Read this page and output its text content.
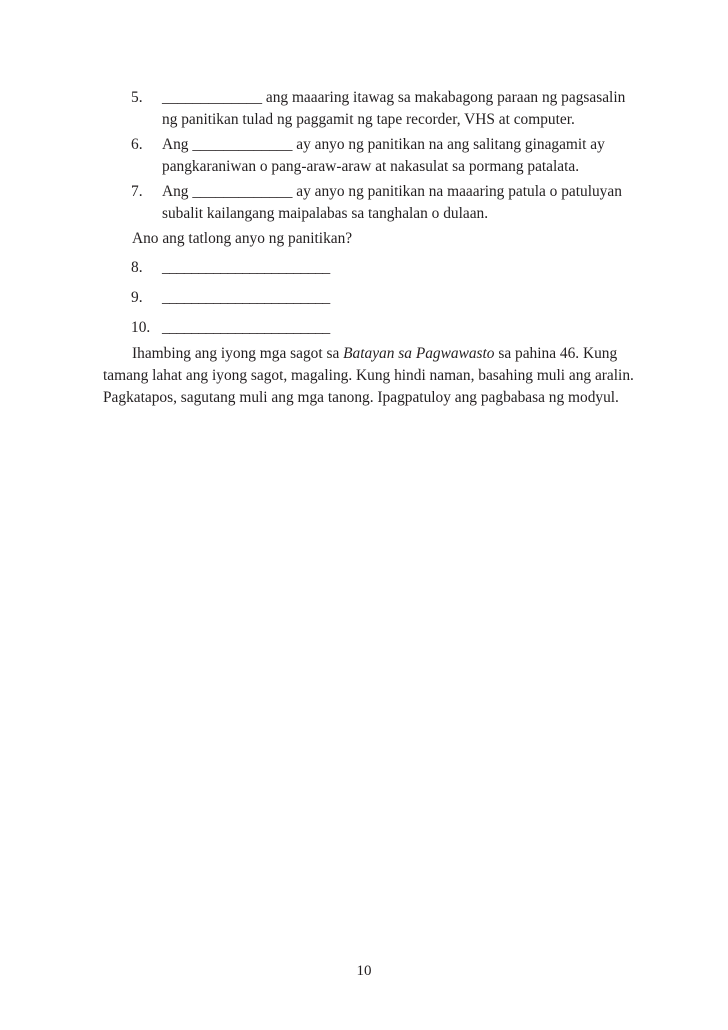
5.	_____________ ang maaaring itawag sa makabagong paraan ng pagsasalin
ng panitikan tulad ng paggamit ng tape recorder, VHS at computer.
6.	Ang _____________ ay anyo ng panitikan na ang salitang ginagamit ay
pangkaraniwan o pang-araw-araw at nakasulat sa pormang patalata.
7.	Ang _____________ ay anyo ng panitikan na maaaring patula o patuluyan
subalit kailangang maipalabas sa tanghalan o dulaan.
Ano ang tatlong anyo ng panitikan?
8.	_______________________
9.	_______________________
10. _______________________
Ihambing ang iyong mga sagot sa Batayan sa Pagwawasto sa pahina 46. Kung
tamang lahat ang iyong sagot, magaling. Kung hindi naman, basahing muli ang aralin.
Pagkatapos, sagutang muli ang mga tanong. Ipagpatuloy ang pagbabasa ng modyul.
10
